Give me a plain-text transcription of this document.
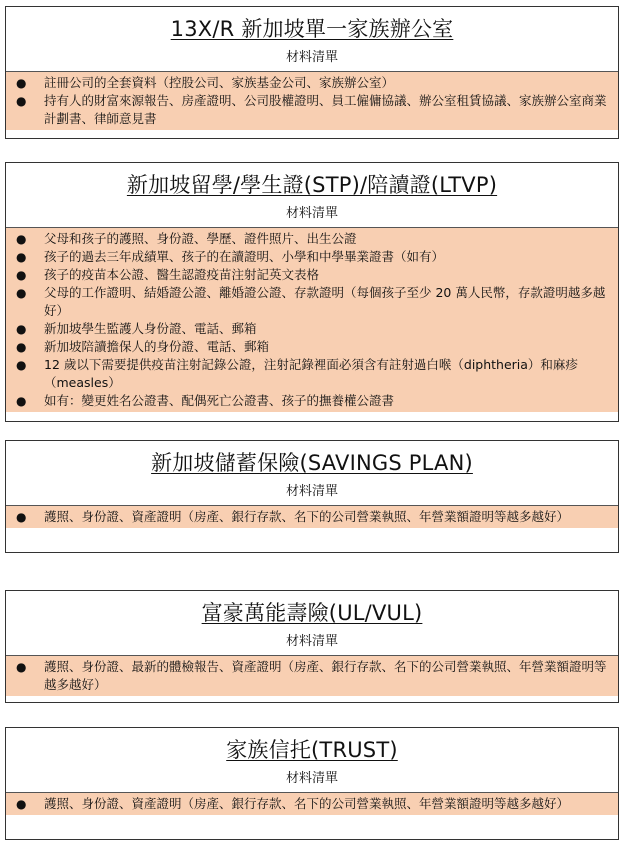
13X/R 新加坡單一家族辦公室
材料清單
● 註冊公司的全套資料（控股公司、家族基金公司、家族辦公室）
● 持有人的財富來源報告、房產證明、公司股權證明、員工僱傭協議、辦公室租賃協議、家族辦公室商業計劃書、律師意見書
新加坡留學/學生證(STP)/陪讀證(LTVP)
材料清單
● 父母和孩子的護照、身份證、學歷、證件照片、出生公證
● 孩子的過去三年成績單、孩子的在讀證明、小學和中學畢業證書（如有）
● 孩子的疫苗本公證、醫生認證疫苗注射記英文表格
● 父母的工作證明、結婚證公證、離婚證公證、存款證明（每個孩子至少 20 萬人民幣，存款證明越多越好）
● 新加坡學生監護人身份證、電話、郵箱
● 新加坡陪讀擔保人的身份證、電話、郵箱
● 12 歲以下需要提供疫苗注射記錄公證，注射記錄裡面必須含有註射過白喉（diphtheria）和麻疹（measles）
● 如有：變更姓名公證書、配偶死亡公證書、孩子的撫養權公證書
新加坡儲蓄保險(SAVINGS PLAN)
材料清單
● 護照、身份證、資產證明（房產、銀行存款、名下的公司營業執照、年營業額證明等越多越好）
富豪萬能壽險(UL/VUL)
材料清單
● 護照、身份證、最新的體檢報告、資產證明（房產、銀行存款、名下的公司營業執照、年營業額證明等越多越好）
家族信托(TRUST)
材料清單
● 護照、身份證、資產證明（房產、銀行存款、名下的公司營業執照、年營業額證明等越多越好）
